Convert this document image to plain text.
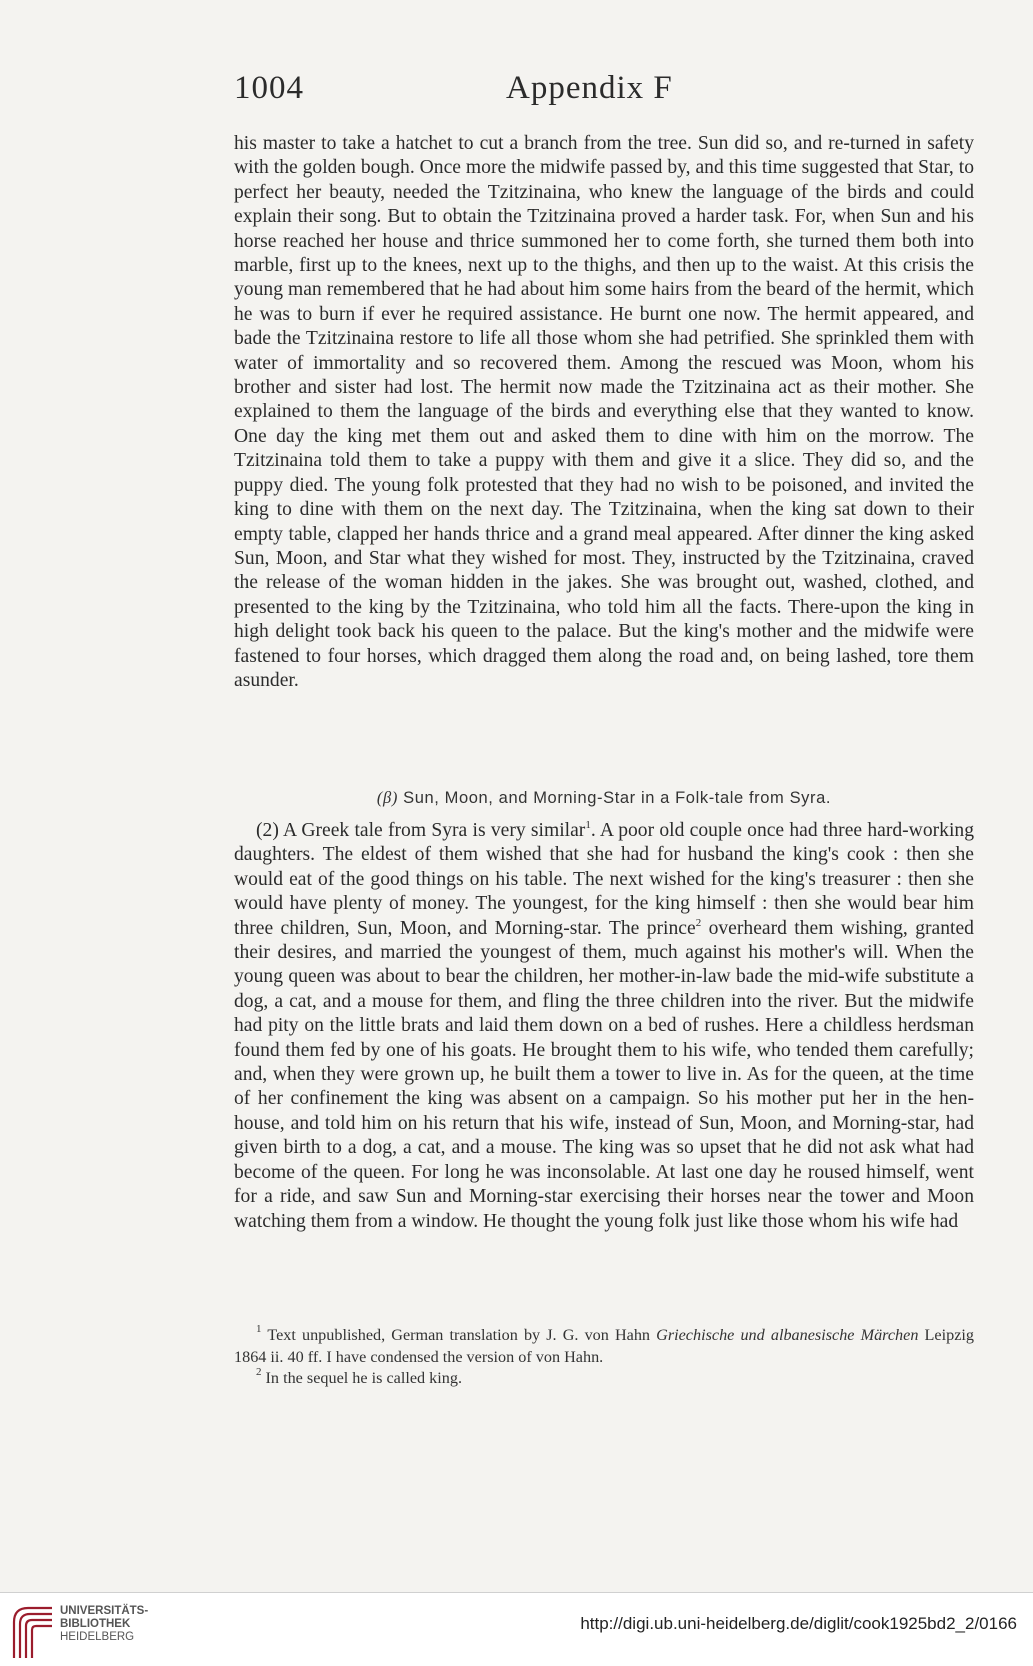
1004	Appendix F

his master to take a hatchet to cut a branch from the tree. Sun did so, and re-turned in safety with the golden bough. Once more the midwife passed by, and this time suggested that Star, to perfect her beauty, needed the Tzitzinaina, who knew the language of the birds and could explain their song. But to obtain the Tzitzinaina proved a harder task. For, when Sun and his horse reached her house and thrice summoned her to come forth, she turned them both into marble, first up to the knees, next up to the thighs, and then up to the waist. At this crisis the young man remembered that he had about him some hairs from the beard of the hermit, which he was to burn if ever he required assistance. He burnt one now. The hermit appeared, and bade the Tzitzinaina restore to life all those whom she had petrified. She sprinkled them with water of immortality and so recovered them. Among the rescued was Moon, whom his brother and sister had lost. The hermit now made the Tzitzinaina act as their mother. She explained to them the language of the birds and everything else that they wanted to know. One day the king met them out and asked them to dine with him on the morrow. The Tzitzinaina told them to take a puppy with them and give it a slice. They did so, and the puppy died. The young folk protested that they had no wish to be poisoned, and invited the king to dine with them on the next day. The Tzitzinaina, when the king sat down to their empty table, clapped her hands thrice and a grand meal appeared. After dinner the king asked Sun, Moon, and Star what they wished for most. They, instructed by the Tzitzinaina, craved the release of the woman hidden in the jakes. She was brought out, washed, clothed, and presented to the king by the Tzitzinaina, who told him all the facts. There-upon the king in high delight took back his queen to the palace. But the king's mother and the midwife were fastened to four horses, which dragged them along the road and, on being lashed, tore them asunder.

(β) Sun, Moon, and Morning-Star in a Folk-tale from Syra.

(2) A Greek tale from Syra is very similar$^1$. A poor old couple once had three hard-working daughters. The eldest of them wished that she had for husband the king's cook : then she would eat of the good things on his table. The next wished for the king's treasurer : then she would have plenty of money. The youngest, for the king himself : then she would bear him three children, Sun, Moon, and Morning-star. The prince$^2$ overheard them wishing, granted their desires, and married the youngest of them, much against his mother's will. When the young queen was about to bear the children, her mother-in-law bade the mid-wife substitute a dog, a cat, and a mouse for them, and fling the three children into the river. But the midwife had pity on the little brats and laid them down on a bed of rushes. Here a childless herdsman found them fed by one of his goats. He brought them to his wife, who tended them carefully; and, when they were grown up, he built them a tower to live in. As for the queen, at the time of her confinement the king was absent on a campaign. So his mother put her in the hen-house, and told him on his return that his wife, instead of Sun, Moon, and Morning-star, had given birth to a dog, a cat, and a mouse. The king was so upset that he did not ask what had become of the queen. For long he was inconsolable. At last one day he roused himself, went for a ride, and saw Sun and Morning-star exercising their horses near the tower and Moon watching them from a window. He thought the young folk just like those whom his wife had

$^1$ Text unpublished, German translation by J. G. von Hahn Griechische und albanesische Märchen Leipzig 1864 ii. 40 ff. I have condensed the version of von Hahn.

$^2$ In the sequel he is called king.

UNIVERSITÄTS-
BIBLIOTHEK
HEIDELBERG
http://digi.ub.uni-heidelberg.de/diglit/cook1925bd2_2/0166
